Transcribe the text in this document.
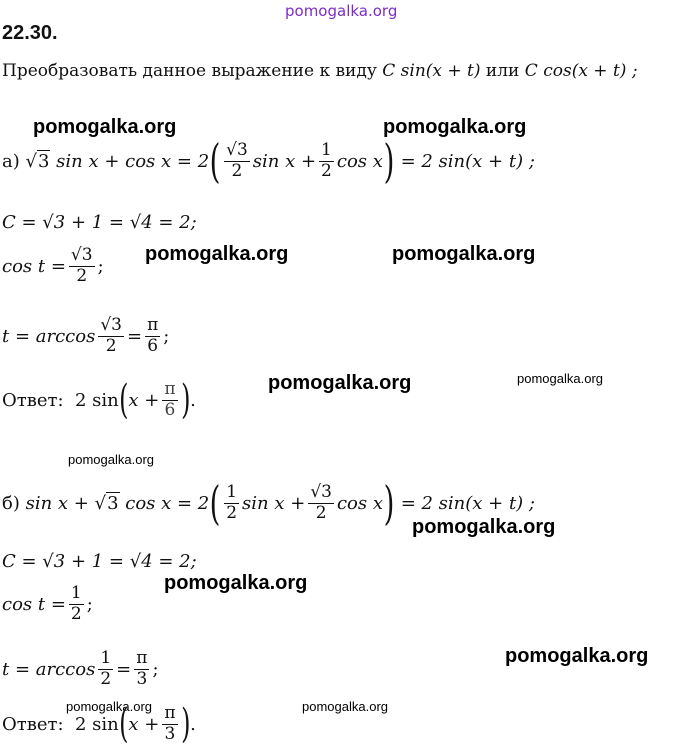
pomogalka.org
pomogalka.org	pomogalka.org
pomogalka.org	pomogalka.org
pomogalka.org	pomogalka.org
pomogalka.org
pomogalka.org
pomogalka.org
pomogalka.org
pomogalka.org	pomogalka.org
22.30.
Преобразовать данное выражение к виду C sin(x + t) или C cos(x + t) ;
а) √ 3
sin x + cos x = 2 ( $\frac{√3}{2}$ $\sin x + \frac{1}{2}$ cos x )
= 2 sin(x + t) ;
C = √3 + 1 = √4 = 2;
$\cos t = \frac{√3}{2}$ ;
$t = \arccos \frac{√3}{2} = \frac{\pi}{6}$ ;
Ответ:
2 sin ( $x + \frac{\pi}{6}$ ) .
б)
sin x + √ 3
cos x = 2 ( $\frac{1}{2}$ $\sin x + \frac{√3}{2}$ cos x )
= 2 sin(x + t) ;
C = √3 + 1 = √4 = 2;
$\cos t = \frac{1}{2}$ ;
$t = \arccos \frac{1}{2} = \frac{\pi}{3}$ ;
Ответ:
2 sin ( $x + \frac{\pi}{3}$ ) .
